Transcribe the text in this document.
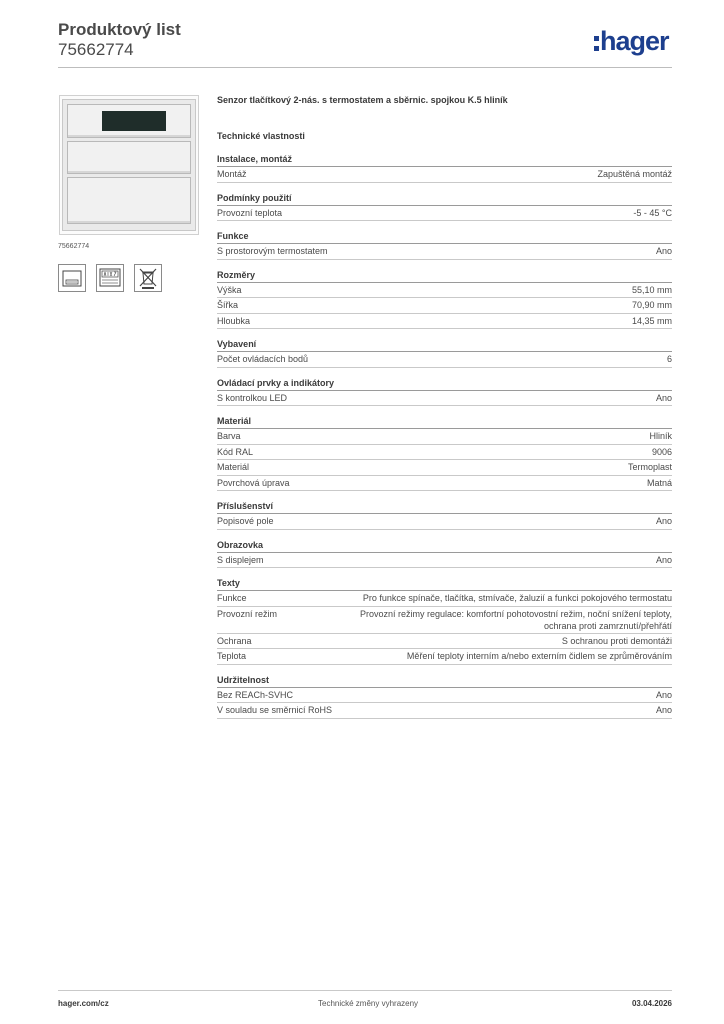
Produktový list
75662774	hager
75662774
Senzor tlačítkový 2-nás. s termostatem a sběrnic. spojkou K.5 hliník
Technické vlastnosti
Instalace, montáž
Montáž	Zapuštěná montáž
Podmínky použití
Provozní teplota	-5 - 45 °C
Funkce
S prostorovým termostatem	Ano
Rozměry
Výška	55,10 mm
Šířka	70,90 mm
Hloubka	14,35 mm
Vybavení
Počet ovládacích bodů	6
Ovládací prvky a indikátory
S kontrolkou LED	Ano
Materiál
Barva	Hliník
Kód RAL	9006
Materiál	Termoplast
Povrchová úprava	Matná
Příslušenství
Popisové pole	Ano
Obrazovka
S displejem	Ano
Texty
Funkce	Pro funkce spínače, tlačítka, stmívače, žaluzií a funkci pokojového termostatu
Provozní režim	Provozní režimy regulace: komfortní pohotovostní režim, noční snížení teploty, ochrana proti zamrznutí/přehřátí
Ochrana	S ochranou proti demontáži
Teplota	Měření teploty interním a/nebo externím čidlem se zprůměrováním
Udržitelnost
Bez REACh-SVHC	Ano
V souladu se směrnicí RoHS	Ano
hager.com/cz	Technické změny vyhrazeny	03.04.2026
